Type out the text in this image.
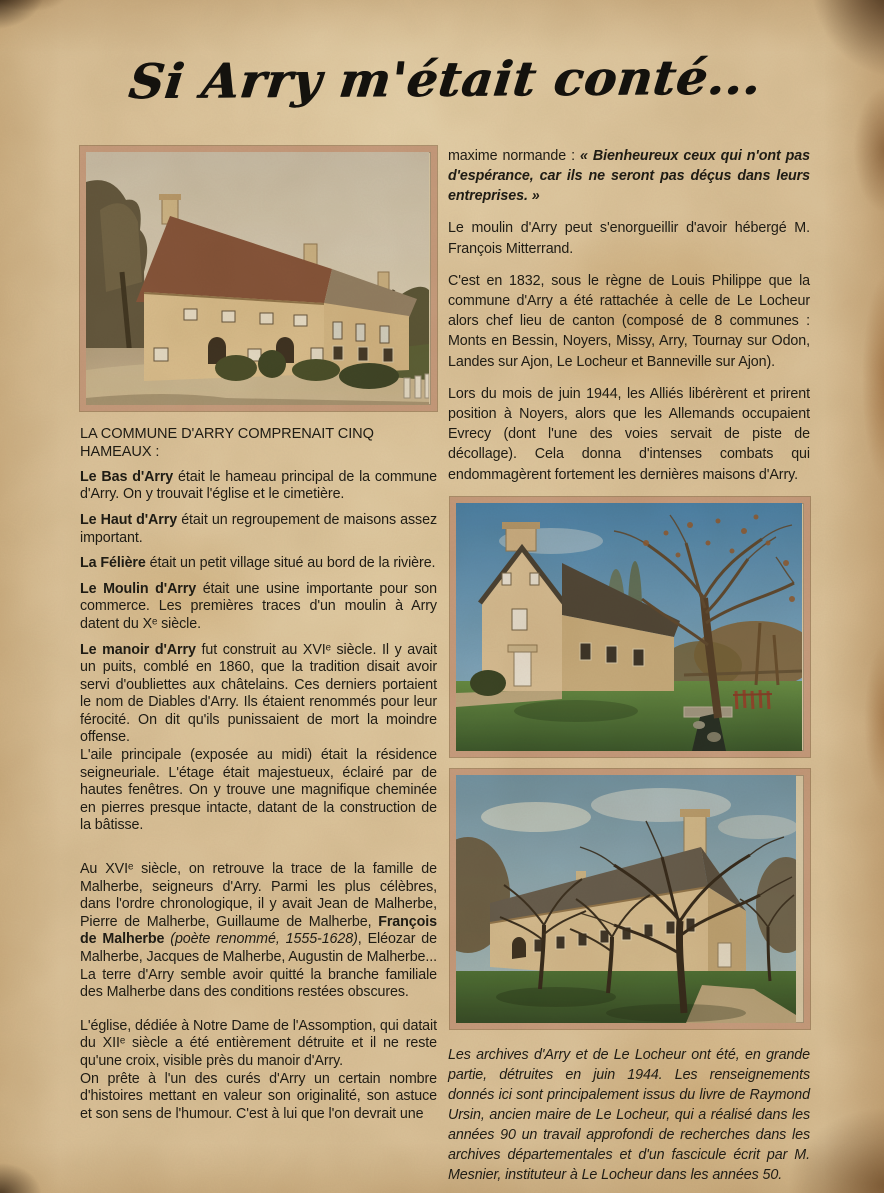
Si Arry m'était conté...

LA COMMUNE D'ARRY COMPRENAIT CINQ HAMEAUX :

Le Bas d'Arry était le hameau principal de la commune d'Arry. On y trouvait l'église et le cimetière.

Le Haut d'Arry était un regroupement de maisons assez important.

La Félière était un petit village situé au bord de la rivière.

Le Moulin d'Arry était une usine importante pour son commerce. Les premières traces d'un moulin à Arry datent du Xᵉ siècle.

Le manoir d'Arry fut construit au XVIᵉ siècle. Il y avait un puits, comblé en 1860, que la tradition disait avoir servi d'oubliettes aux châtelains. Ces derniers portaient le nom de Diables d'Arry. Ils étaient renommés pour leur férocité. On dit qu'ils punissaient de mort la moindre offense.

L'aile principale (exposée au midi) était la résidence seigneuriale. L'étage était majestueux, éclairé par de hautes fenêtres. On y trouve une magnifique cheminée en pierres presque intacte, datant de la construction de la bâtisse.

Au XVIᵉ siècle, on retrouve la trace de la famille de Malherbe, seigneurs d'Arry. Parmi les plus célèbres, dans l'ordre chronologique, il y avait Jean de Malherbe, Pierre de Malherbe, Guillaume de Malherbe, François de Malherbe (poète renommé, 1555-1628), Eléozar de Malherbe, Jacques de Malherbe, Augustin de Malherbe... La terre d'Arry semble avoir quitté la branche familiale des Malherbe dans des conditions restées obscures.

L'église, dédiée à Notre Dame de l'Assomption, qui datait du XIIᵉ siècle a été entièrement détruite et il ne reste qu'une croix, visible près du manoir d'Arry.

On prête à l'un des curés d'Arry un certain nombre d'histoires mettant en valeur son originalité, son astuce et son sens de l'humour. C'est à lui que l'on devrait une

maxime normande : « Bienheureux ceux qui n'ont pas d'espérance, car ils ne seront pas déçus dans leurs entreprises. »

Le moulin d'Arry peut s'enorgueillir d'avoir hébergé M. François Mitterrand.

C'est en 1832, sous le règne de Louis Philippe que la commune d'Arry a été rattachée à celle de Le Locheur alors chef lieu de canton (composé de 8 communes : Monts en Bessin, Noyers, Missy, Arry, Tournay sur Odon, Landes sur Ajon, Le Locheur et Banneville sur Ajon).

Lors du mois de juin 1944, les Alliés libérèrent et prirent position à Noyers, alors que les Allemands occupaient Evrecy (dont l'une des voies servait de piste de décollage). Cela donna d'intenses combats qui endommagèrent fortement les dernières maisons d'Arry.

Les archives d'Arry et de Le Locheur ont été, en grande partie, détruites en juin 1944. Les renseignements donnés ici sont principalement issus du livre de Raymond Ursin, ancien maire de Le Locheur, qui a réalisé dans les années 90 un travail approfondi de recherches dans les archives départementales et d'un fascicule écrit par M. Mesnier, instituteur à Le Locheur dans les années 50.
